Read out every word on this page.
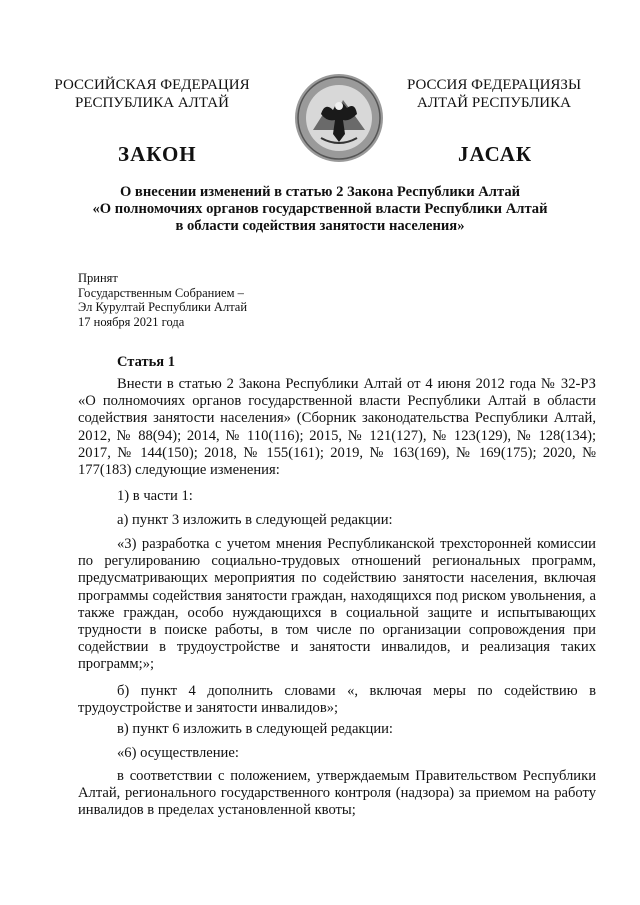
РОССИЙСКАЯ ФЕДЕРАЦИЯ
РЕСПУБЛИКА АЛТАЙ
РОССИЯ ФЕДЕРАЦИЯЗЫ
АЛТАЙ РЕСПУБЛИКА
ЗАКОН	ЈАСАК
О внесении изменений в статью 2 Закона Республики Алтай
«О полномочиях органов государственной власти Республики Алтай
в области содействия занятости населения»
Принят
Государственным Собранием –
Эл Курултай Республики Алтай
17 ноября 2021 года
Статья 1

Внести в статью 2 Закона Республики Алтай от 4 июня 2012 года № 32-РЗ «О полномочиях органов государственной власти Республики Алтай в области содействия занятости населения» (Сборник законодательства Республики Алтай, 2012, № 88(94); 2014, № 110(116); 2015, № 121(127), № 123(129), № 128(134); 2017, № 144(150); 2018, № 155(161); 2019, № 163(169), № 169(175); 2020, № 177(183) следующие изменения:

1) в части 1:

а) пункт 3 изложить в следующей редакции:

«3) разработка с учетом мнения Республиканской трехсторонней комиссии по регулированию социально-трудовых отношений региональных программ, предусматривающих мероприятия по содействию занятости населения, включая программы содействия занятости граждан, находящихся под риском увольнения, а также граждан, особо нуждающихся в социальной защите и испытывающих трудности в поиске работы, в том числе по организации сопровождения при содействии в трудоустройстве и занятости инвалидов, и реализация таких программ;»;

б) пункт 4 дополнить словами «, включая меры по содействию в трудоустройстве и занятости инвалидов»;

в) пункт 6 изложить в следующей редакции:

«6) осуществление:

в соответствии с положением, утверждаемым Правительством Республики Алтай, регионального государственного контроля (надзора) за приемом на работу инвалидов в пределах установленной квоты;
